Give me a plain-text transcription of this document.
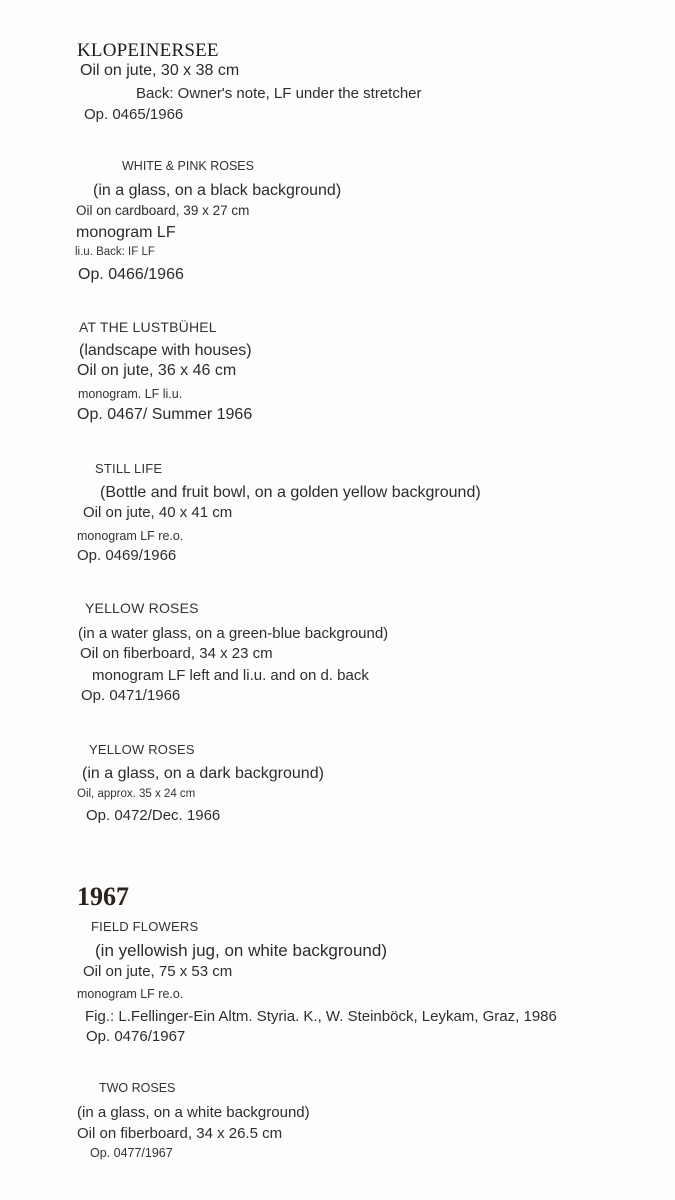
KLOPEINERSEE
Oil on jute, 30 x 38 cm
Back: Owner's note, LF under the stretcher
Op. 0465/1966
WHITE & PINK ROSES
(in a glass, on a black background)
Oil on cardboard, 39 x 27 cm
monogram LF
li.u. Back: IF LF
Op. 0466/1966
AT THE LUSTBÜHEL
(landscape with houses)
Oil on jute, 36 x 46 cm
monogram. LF li.u.
Op. 0467/ Summer 1966
STILL LIFE
(Bottle and fruit bowl, on a golden yellow background)
Oil on jute, 40 x 41 cm
monogram LF re.o.
Op. 0469/1966
YELLOW ROSES
(in a water glass, on a green-blue background)
Oil on fiberboard, 34 x 23 cm
monogram LF left and li.u. and on d. back
Op. 0471/1966
YELLOW ROSES
(in a glass, on a dark background)
Oil, approx. 35 x 24 cm
Op. 0472/Dec. 1966
1967
FIELD FLOWERS
(in yellowish jug, on white background)
Oil on jute, 75 x 53 cm
monogram LF re.o.
Fig.: L.Fellinger-Ein Altm. Styria. K., W. Steinböck, Leykam, Graz, 1986
Op. 0476/1967
TWO ROSES
(in a glass, on a white background)
Oil on fiberboard, 34 x 26.5 cm
Op. 0477/1967
